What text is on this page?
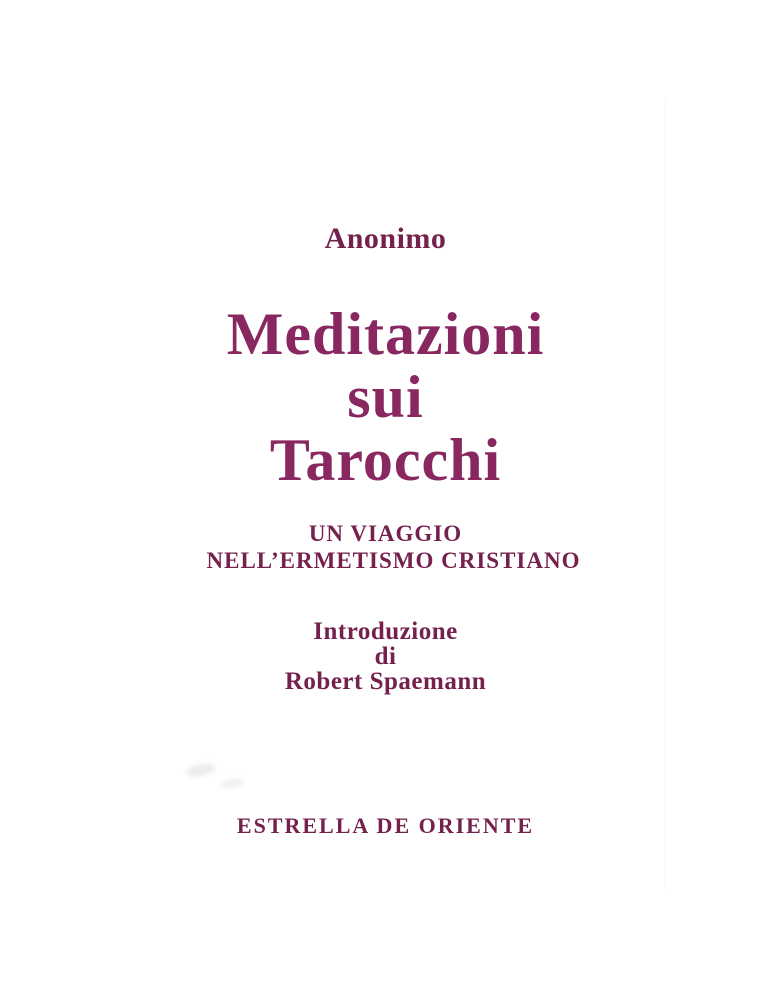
Anonimo
Meditazioni
sui
Tarocchi
UN VIAGGIO
NELL’ERMETISMO CRISTIANO
Introduzione
di
Robert Spaemann
ESTRELLA DE ORIENTE
